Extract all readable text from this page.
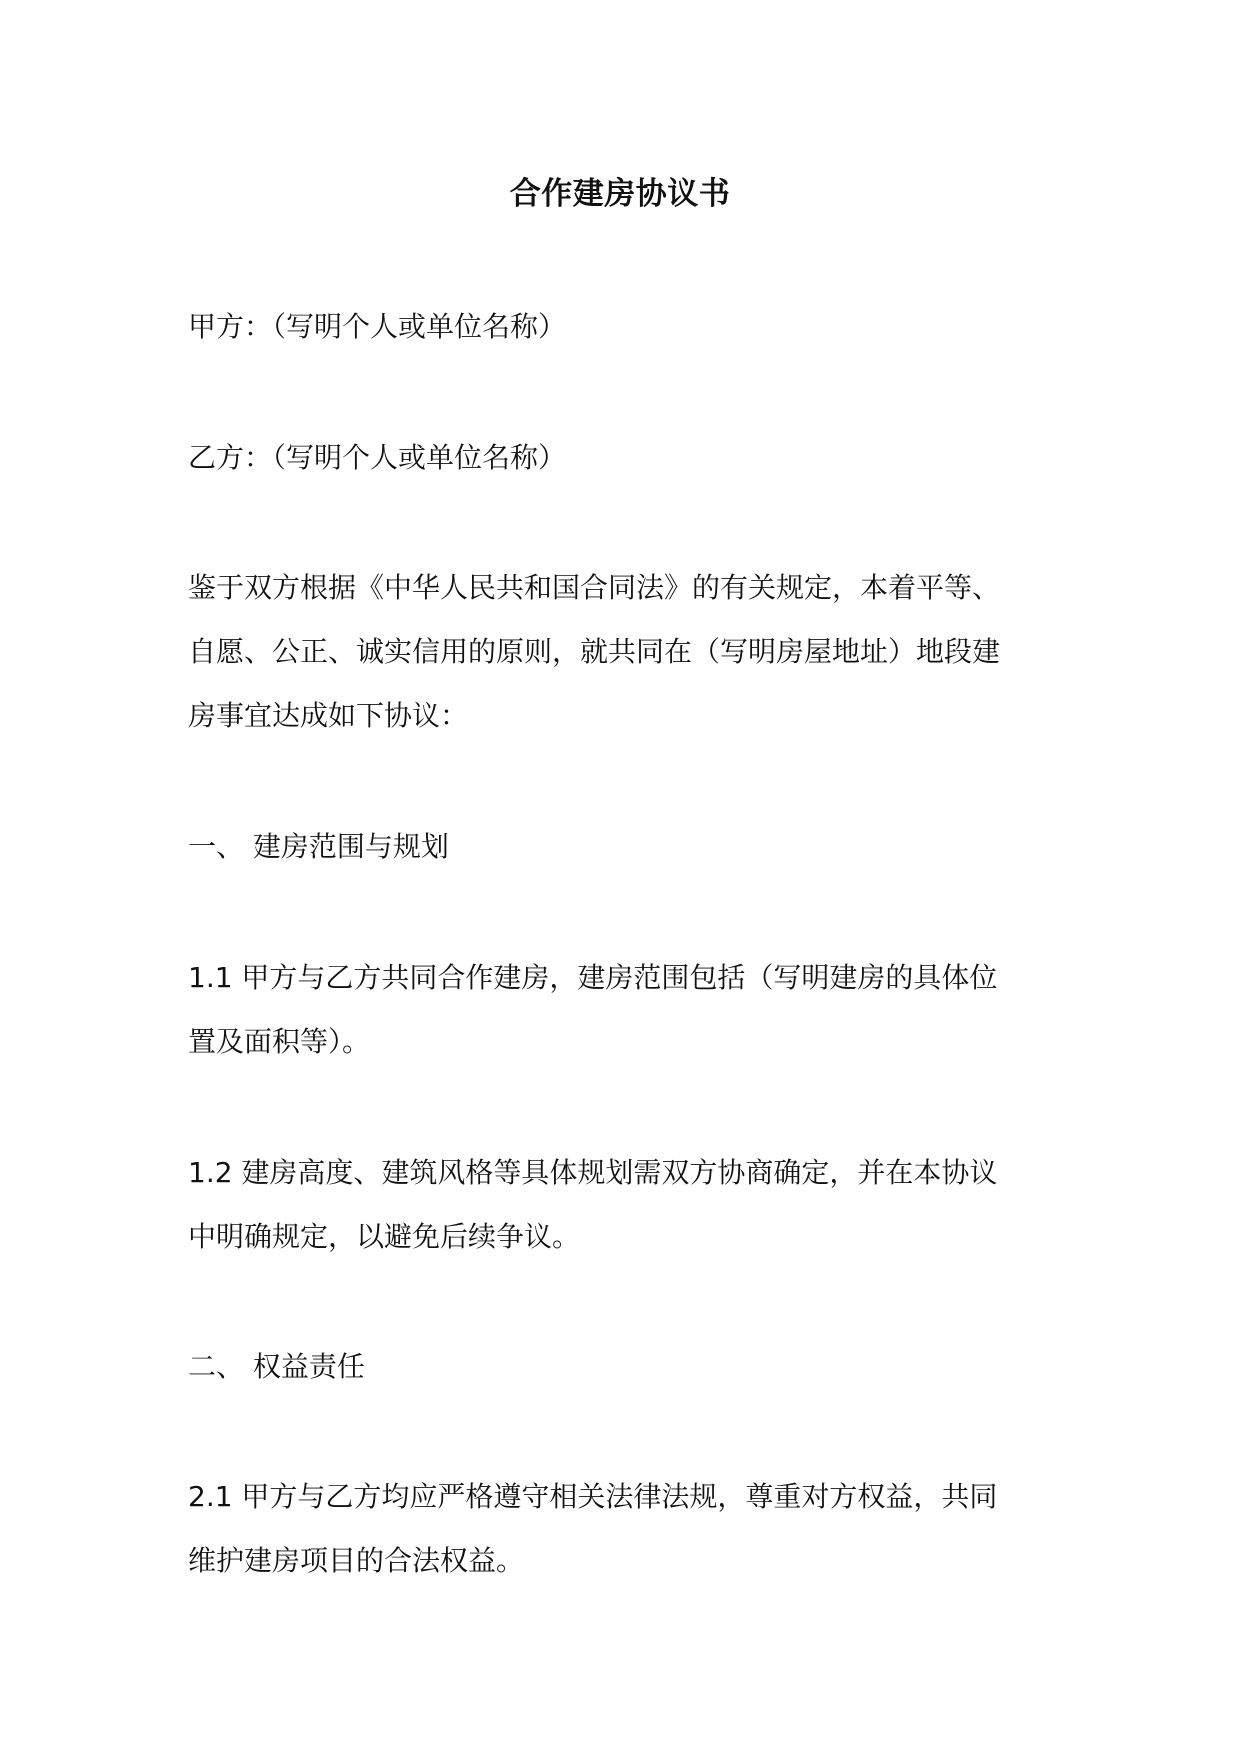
合作建房协议书

甲方：（写明个人或单位名称）

乙方：（写明个人或单位名称）

鉴于双方根据《中华人民共和国合同法》的有关规定，本着平等、
自愿、公正、诚实信用的原则，就共同在（写明房屋地址）地段建
房事宜达成如下协议：

一、 建房范围与规划

1.1 甲方与乙方共同合作建房，建房范围包括（写明建房的具体位
置及面积等）。

1.2 建房高度、建筑风格等具体规划需双方协商确定，并在本协议
中明确规定，以避免后续争议。

二、 权益责任

2.1 甲方与乙方均应严格遵守相关法律法规，尊重对方权益，共同
维护建房项目的合法权益。
